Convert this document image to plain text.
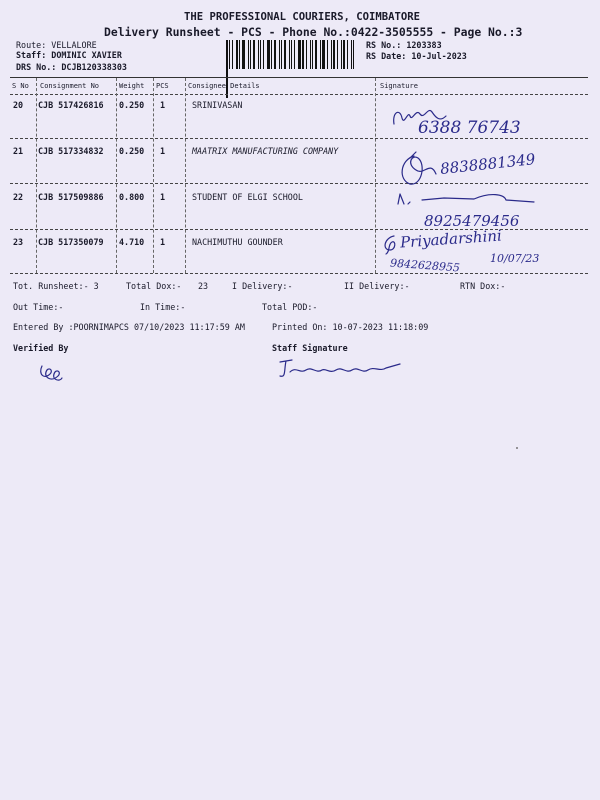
THE PROFESSIONAL COURIERS, COIMBATORE
Delivery Runsheet - PCS - Phone No.:0422-3505555 - Page No.:3
Route: VELLALORE
Staff: DOMINIC XAVIER
DRS No.: DCJB120338303
RS No.: 1203383
RS Date: 10-Jul-2023
S No Consignment No	Weight PCS	Consignee Details	Signature
20 CJB 517426816 0.250 1	SRINIVASAN
21 CJB 517334832 0.250 1	MAATRIX MANUFACTURING COMPANY
22 CJB 517509886 0.800 1	STUDENT OF ELGI SCHOOL
23 CJB 517350079 4.710 1	NACHIMUTHU GOUNDER
6388 76743
8838881349
8925479456
Priyadarshini
10/07/23
9842628955
Tot. Runsheet:- 3	Total Dox:- 23	I Delivery:-	II Delivery:-	RTN Dox:-
Out Time:-	In Time:-	Total POD:-
Entered By :POORNIMAPCS 07/10/2023 11:17:59 AM	Printed On: 10-07-2023 11:18:09
Verified By	Staff Signature
